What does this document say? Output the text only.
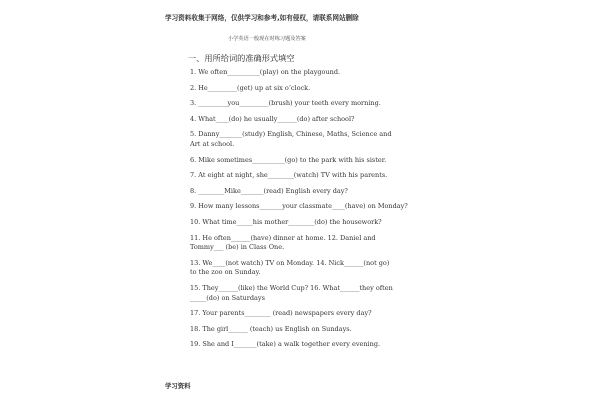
学习资料收集于网络，仅供学习和参考,如有侵权，请联系网站删除
小学英语一般现在时练习题及答案
一、用所给词的准确形式填空
1. We often__________(play) on the playgound.
2. He_________(get) up at six o’clock.
3. _________you_________(brush) your teeth every morning.
4. What____(do) he usually______(do) after school?
5. Danny_______(study) English, Chinese, Maths, Science and
Art at school.
6. Mike sometimes__________(go) to the park with his sister.
7. At eight at night, she________(watch) TV with his parents.
8. ________Mike_______(read) English every day?
9. How many lessons_______your classmate____(have) on Monday?
10. What time_____his mother________(do) the housework?
11. He often______(have) dinner at home. 12. Daniel and
Tommy___ (be) in Class One.
13. We____(not watch) TV on Monday. 14. Nick______(not go)
to the zoo on Sunday.
15. They______(like) the World Cup? 16. What______they often
_____(do) on Saturdays
17. Your parents________ (read) newspapers every day?
18. The girl______ (teach) us English on Sundays.
19. She and I_______(take) a walk together every evening.
学习资料
